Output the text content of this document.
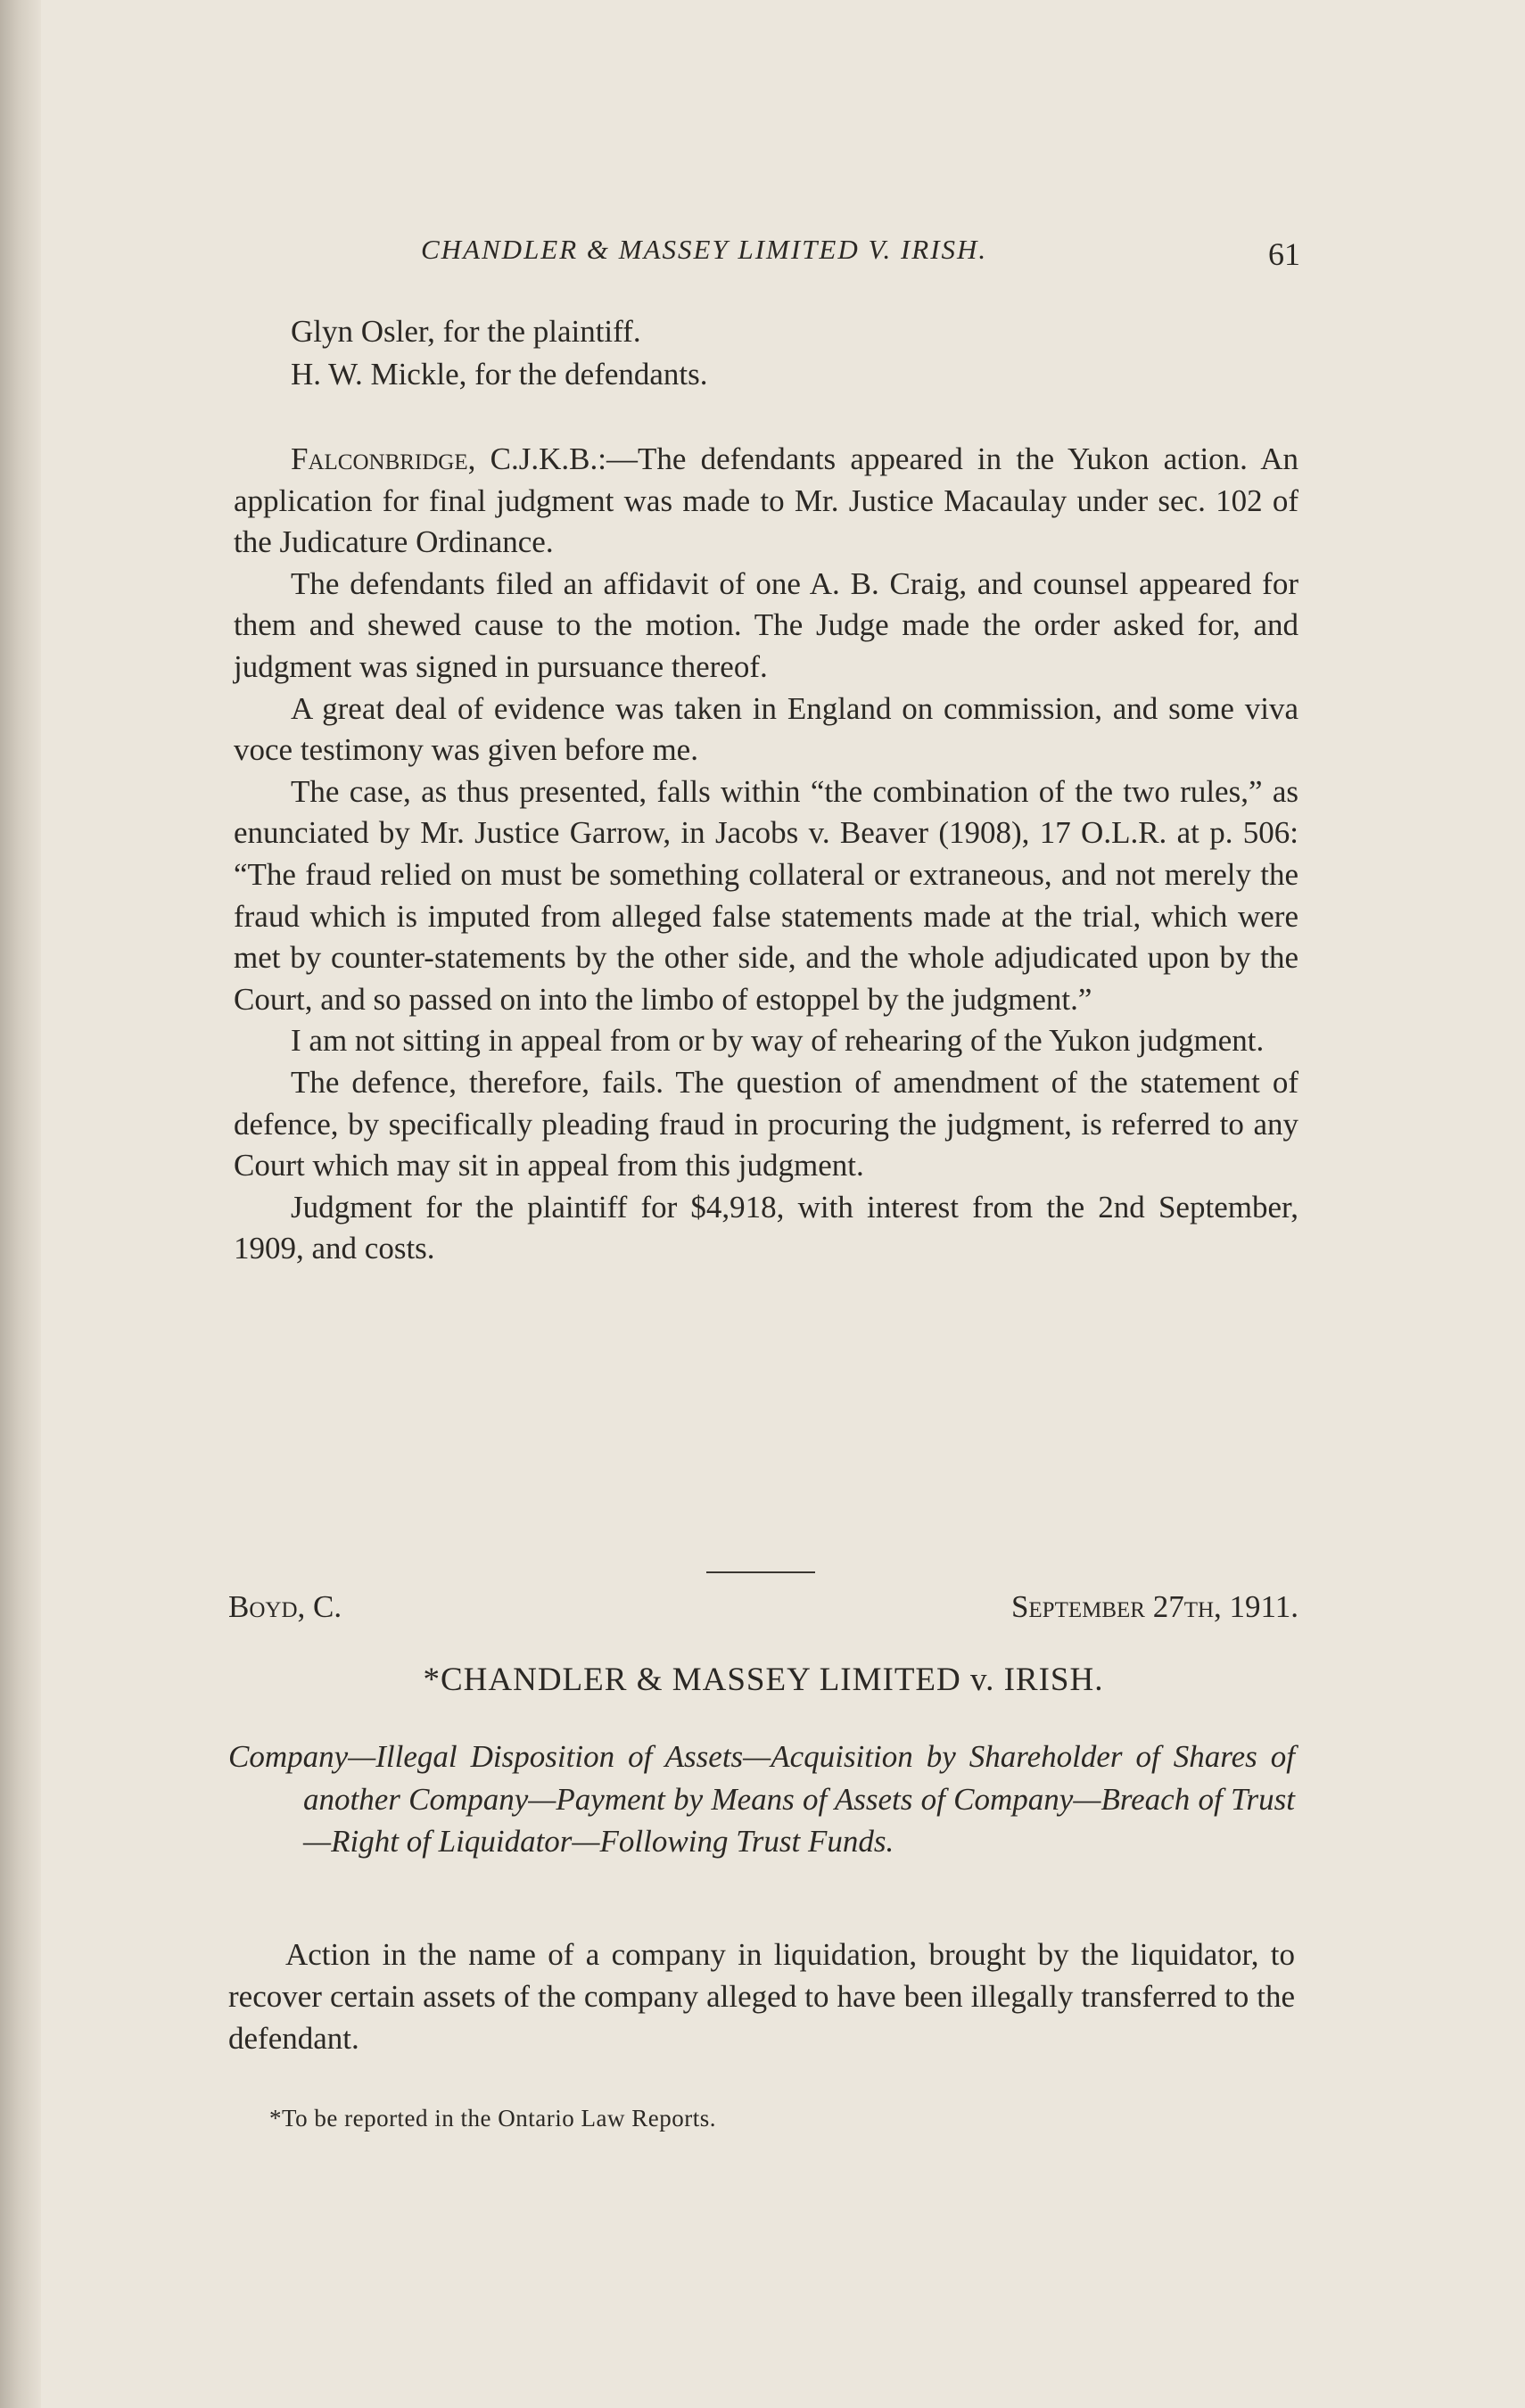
CHANDLER & MASSEY LIMITED V. IRISH.	61
Glyn Osler, for the plaintiff.
H. W. Mickle, for the defendants.

Falconbridge, C.J.K.B.:—The defendants appeared in the Yukon action. An application for final judgment was made to Mr. Justice Macaulay under sec. 102 of the Judicature Ordinance.

The defendants filed an affidavit of one A. B. Craig, and counsel appeared for them and shewed cause to the motion. The Judge made the order asked for, and judgment was signed in pursuance thereof.

A great deal of evidence was taken in England on commission, and some viva voce testimony was given before me.

The case, as thus presented, falls within “the combination of the two rules,” as enunciated by Mr. Justice Garrow, in Jacobs v. Beaver (1908), 17 O.L.R. at p. 506: “The fraud relied on must be something collateral or extraneous, and not merely the fraud which is imputed from alleged false statements made at the trial, which were met by counter-statements by the other side, and the whole adjudicated upon by the Court, and so passed on into the limbo of estoppel by the judgment.”

I am not sitting in appeal from or by way of rehearing of the Yukon judgment.

The defence, therefore, fails. The question of amendment of the statement of defence, by specifically pleading fraud in procuring the judgment, is referred to any Court which may sit in appeal from this judgment.

Judgment for the plaintiff for $4,918, with interest from the 2nd September, 1909, and costs.

Boyd, C.	September 27th, 1911.
*CHANDLER & MASSEY LIMITED v. IRISH.
Company—Illegal Disposition of Assets—Acquisition by Shareholder of Shares of another Company—Payment by Means of Assets of Company—Breach of Trust—Right of Liquidator—Following Trust Funds.
Action in the name of a company in liquidation, brought by the liquidator, to recover certain assets of the company alleged to have been illegally transferred to the defendant.
*To be reported in the Ontario Law Reports.
